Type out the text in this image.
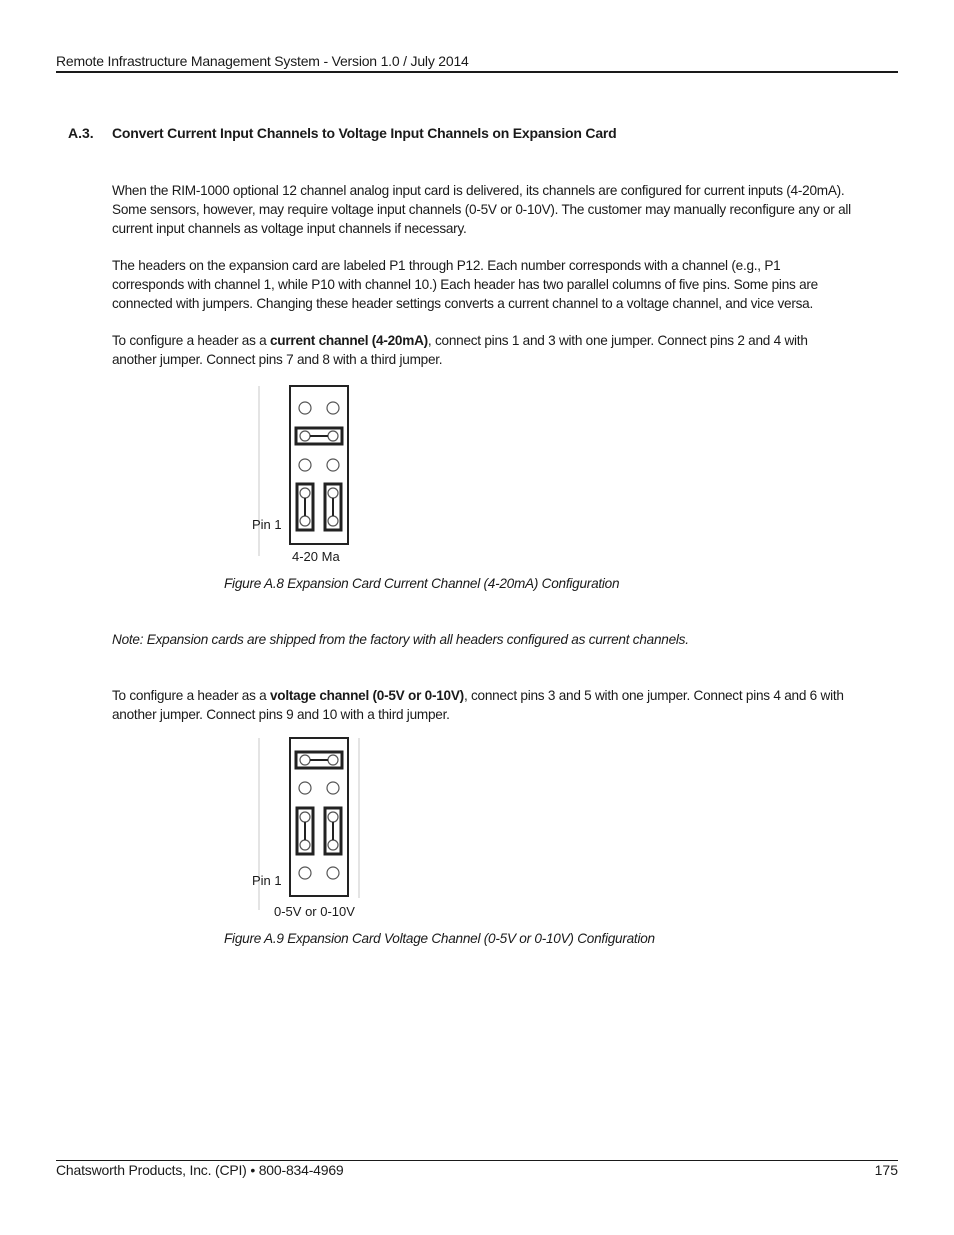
Remote Infrastructure Management System - Version 1.0 / July 2014
A.3. Convert Current Input Channels to Voltage Input Channels on Expansion Card

When the RIM-1000 optional 12 channel analog input card is delivered, its channels are configured for current inputs (4-20mA). Some sensors, however, may require voltage input channels (0-5V or 0-10V). The customer may manually reconfigure any or all current input channels as voltage input channels if necessary.

The headers on the expansion card are labeled P1 through P12. Each number corresponds with a channel (e.g., P1 corresponds with channel 1, while P10 with channel 10.) Each header has two parallel columns of five pins. Some pins are connected with jumpers. Changing these header settings converts a current channel to a voltage channel, and vice versa.

To configure a header as a current channel (4-20mA), connect pins 1 and 3 with one jumper. Connect pins 2 and 4 with another jumper. Connect pins 7 and 8 with a third jumper.

Pin 1
4-20 Ma
Figure A.8 Expansion Card Current Channel (4-20mA) Configuration

Note: Expansion cards are shipped from the factory with all headers configured as current channels.

To configure a header as a voltage channel (0-5V or 0-10V), connect pins 3 and 5 with one jumper. Connect pins 4 and 6 with another jumper. Connect pins 9 and 10 with a third jumper.

Pin 1
0-5V or 0-10V
Figure A.9 Expansion Card Voltage Channel (0-5V or 0-10V) Configuration
Chatsworth Products, Inc. (CPI) • 800-834-4969	175
